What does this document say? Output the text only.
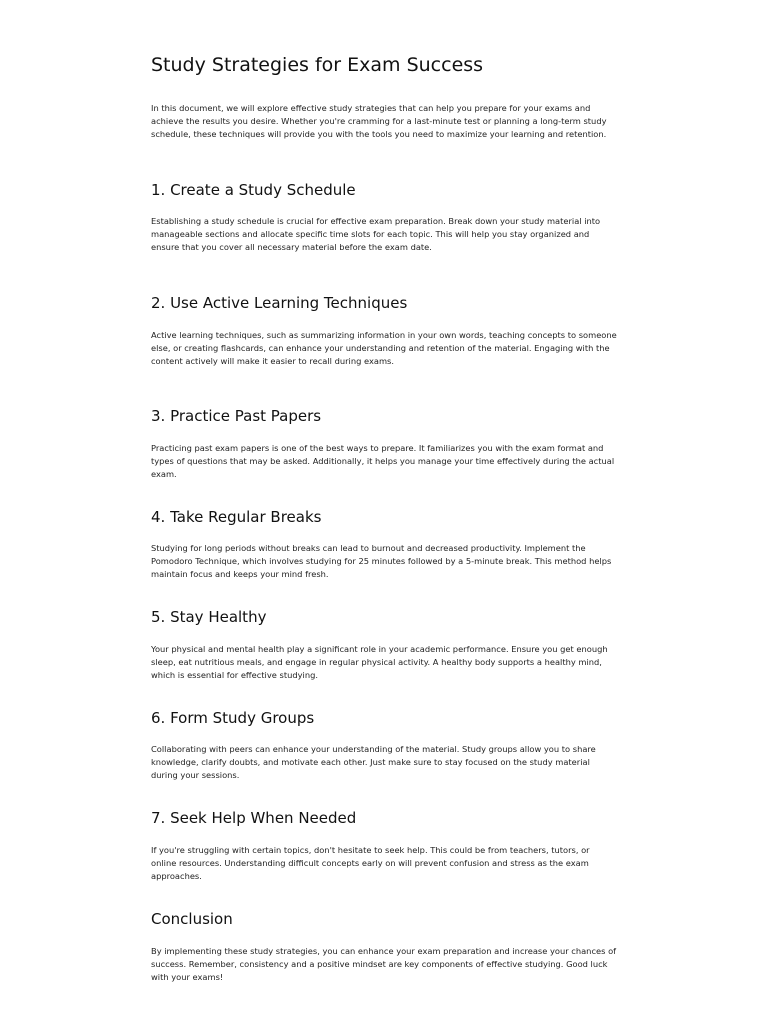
Study Strategies for Exam Success

In this document, we will explore effective study strategies that can help you prepare for your exams and achieve the results you desire. Whether you're cramming for a last-minute test or planning a long-term study schedule, these techniques will provide you with the tools you need to maximize your learning and retention.

1. Create a Study Schedule

Establishing a study schedule is crucial for effective exam preparation. Break down your study material into manageable sections and allocate specific time slots for each topic. This will help you stay organized and ensure that you cover all necessary material before the exam date.

2. Use Active Learning Techniques

Active learning techniques, such as summarizing information in your own words, teaching concepts to someone else, or creating flashcards, can enhance your understanding and retention of the material. Engaging with the content actively will make it easier to recall during exams.

3. Practice Past Papers

Practicing past exam papers is one of the best ways to prepare. It familiarizes you with the exam format and types of questions that may be asked. Additionally, it helps you manage your time effectively during the actual exam.

4. Take Regular Breaks

Studying for long periods without breaks can lead to burnout and decreased productivity. Implement the Pomodoro Technique, which involves studying for 25 minutes followed by a 5-minute break. This method helps maintain focus and keeps your mind fresh.

5. Stay Healthy

Your physical and mental health play a significant role in your academic performance. Ensure you get enough sleep, eat nutritious meals, and engage in regular physical activity. A healthy body supports a healthy mind, which is essential for effective studying.

6. Form Study Groups

Collaborating with peers can enhance your understanding of the material. Study groups allow you to share knowledge, clarify doubts, and motivate each other. Just make sure to stay focused on the study material during your sessions.

7. Seek Help When Needed

If you're struggling with certain topics, don't hesitate to seek help. This could be from teachers, tutors, or online resources. Understanding difficult concepts early on will prevent confusion and stress as the exam approaches.

Conclusion

By implementing these study strategies, you can enhance your exam preparation and increase your chances of success. Remember, consistency and a positive mindset are key components of effective studying. Good luck with your exams!
